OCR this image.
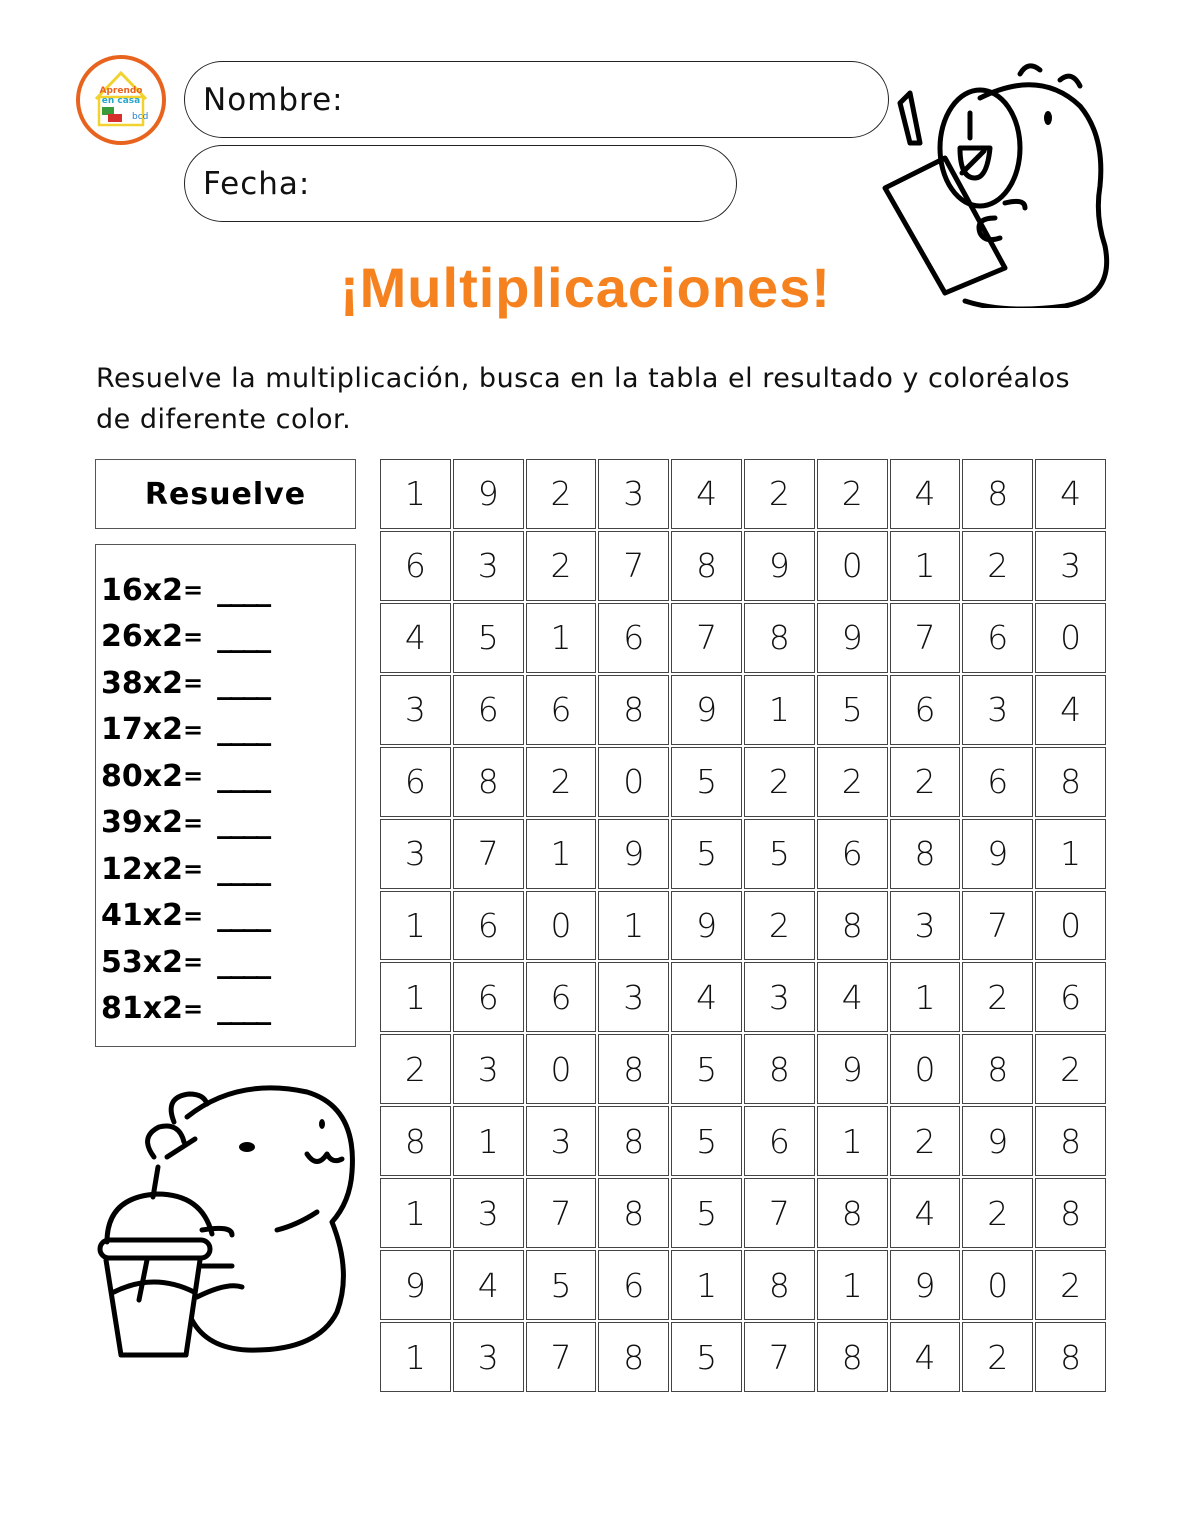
Aprendo
en casa
bcd Nombre:
Fecha:
¡Multiplicaciones!
Resuelve la multiplicación, busca en la tabla el resultado y coloréalos de diferente color.
Resuelve
16x2 = ____
26x2 = ____
38x2 = ____
17x2 = ____
80x2 = ____
39x2 = ____
12x2 = ____
41x2 = ____
53x2 = ____
81x2 = ____
1	9	2	3	4	2	2	4	8	4
6	3	2	7	8	9	0	1	2	3
4	5	1	6	7	8	9	7	6	0
3	6	6	8	9	1	5	6	3	4
6	8	2	0	5	2	2	2	6	8
3	7	1	9	5	5	6	8	9	1
1	6	0	1	9	2	8	3	7	0
1	6	6	3	4	3	4	1	2	6
2	3	0	8	5	8	9	0	8	2
8	1	3	8	5	6	1	2	9	8
1	3	7	8	5	7	8	4	2	8
9	4	5	6	1	8	1	9	0	2
1	3	7	8	5	7	8	4	2	8
